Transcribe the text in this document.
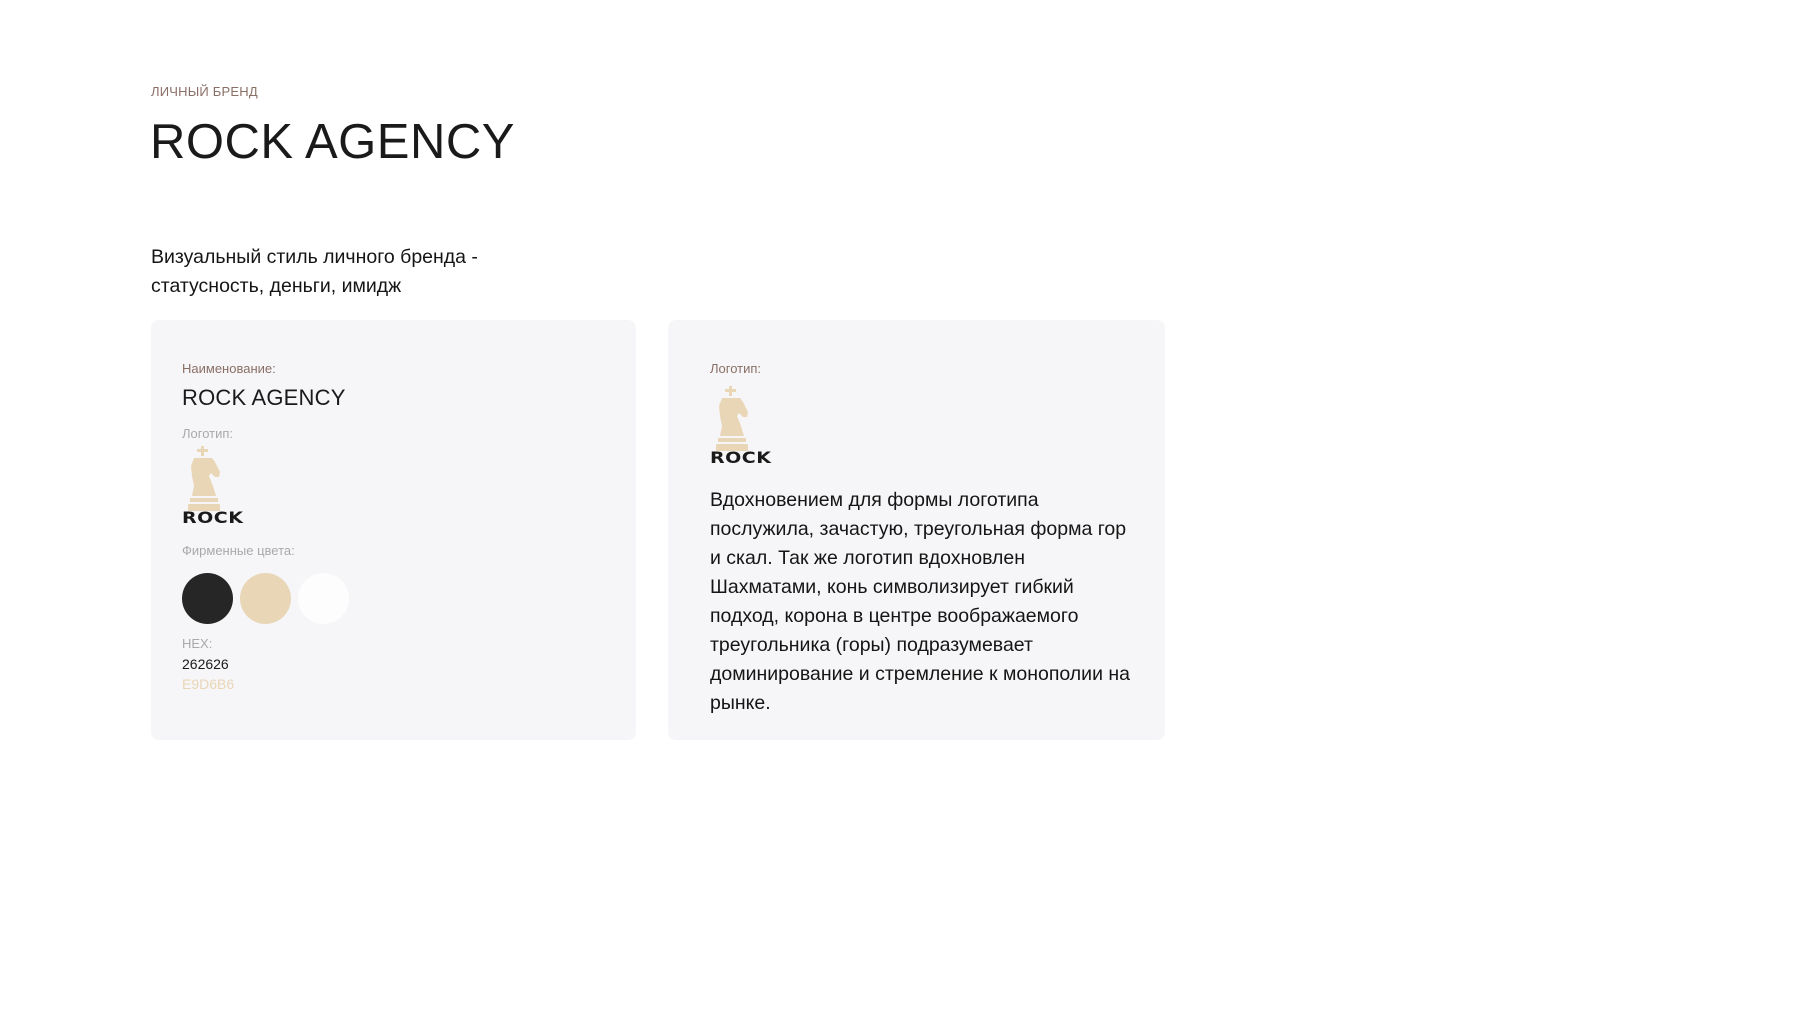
ЛИЧНЫЙ БРЕНД
ROCK AGENCY

Визуальный стиль личного бренда - статусность, деньги, имидж

Наименование:
ROCK AGENCY
Логотип:
ROCK
Фирменные цвета:
HEX:
262626
E9D6B6
Логотип:
ROCK

Вдохновением для формы логотипа послужила, зачастую, треугольная форма гор и скал. Так же логотип вдохновлен Шахматами, конь символизирует гибкий подход, корона в центре воображаемого треугольника (горы) подразумевает доминирование и стремление к монополии на рынке.
